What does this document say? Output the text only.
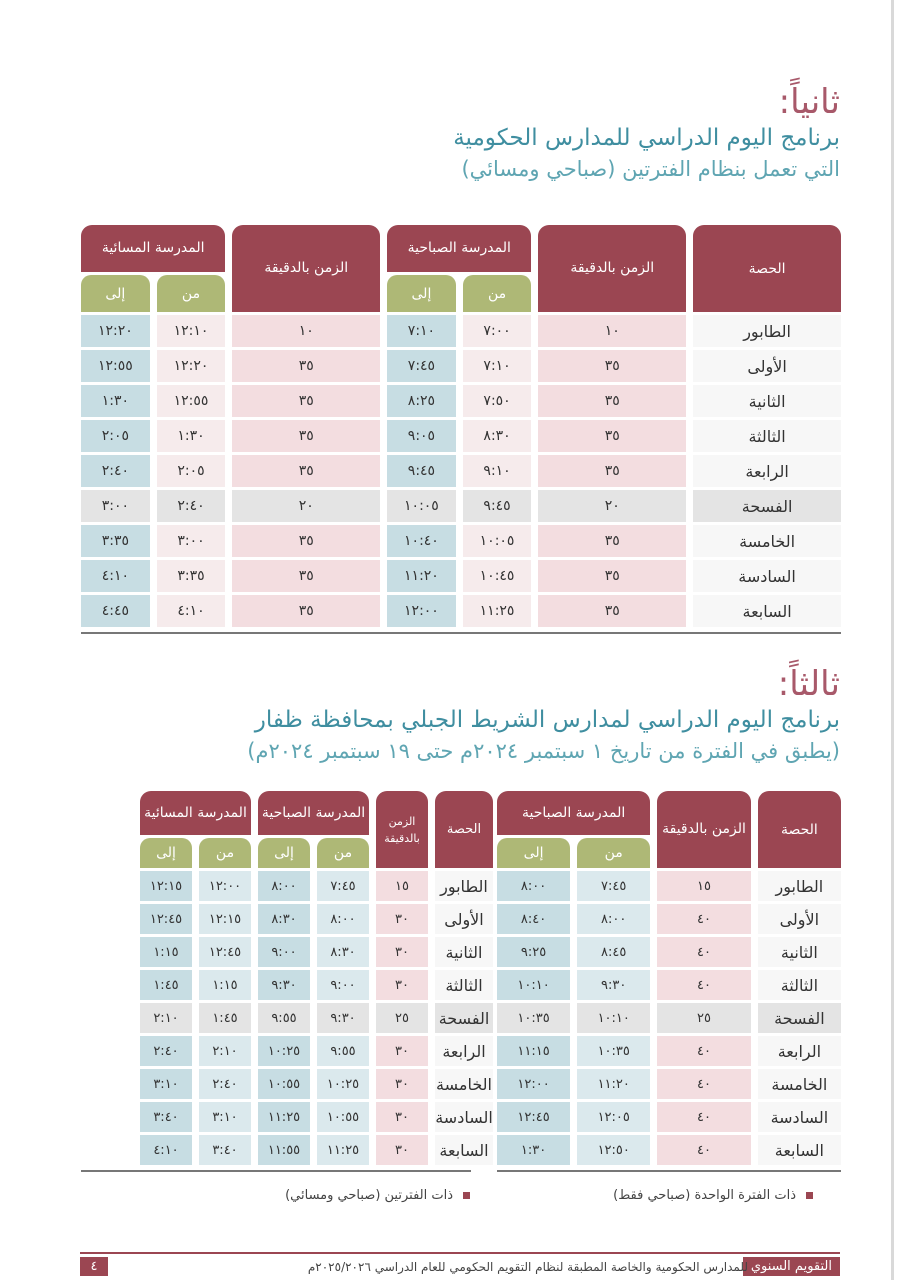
ثانياً:
برنامج اليوم الدراسي للمدارس الحكومية
التي تعمل بنظام الفترتين (صباحي ومسائي)
الحصة	الزمن بالدقيقة	المدرسة الصباحية		الزمن بالدقيقة	المدرسة المسائية	
		من	إلى		من	إلى
الطابور	١٠	٧:٠٠	٧:١٠	١٠	١٢:١٠	١٢:٢٠
الأولى	٣٥	٧:١٠	٧:٤٥	٣٥	١٢:٢٠	١٢:٥٥
الثانية	٣٥	٧:٥٠	٨:٢٥	٣٥	١٢:٥٥	١:٣٠
الثالثة	٣٥	٨:٣٠	٩:٠٥	٣٥	١:٣٠	٢:٠٥
الرابعة	٣٥	٩:١٠	٩:٤٥	٣٥	٢:٠٥	٢:٤٠
الفسحة	٢٠	٩:٤٥	١٠:٠٥	٢٠	٢:٤٠	٣:٠٠
الخامسة	٣٥	١٠:٠٥	١٠:٤٠	٣٥	٣:٠٠	٣:٣٥
السادسة	٣٥	١٠:٤٥	١١:٢٠	٣٥	٣:٣٥	٤:١٠
السابعة	٣٥	١١:٢٥	١٢:٠٠	٣٥	٤:١٠	٤:٤٥
ثالثاً:
برنامج اليوم الدراسي لمدارس الشريط الجبلي بمحافظة ظفار
(يطبق في الفترة من تاريخ ١ سبتمبر ٢٠٢٤م حتى ١٩ سبتمبر ٢٠٢٤م)
الحصة	الزمن بالدقيقة	المدرسة الصباحية	
		من	إلى
الطابور	١٥	٧:٤٥	٨:٠٠
الأولى	٤٠	٨:٠٠	٨:٤٠
الثانية	٤٠	٨:٤٥	٩:٢٥
الثالثة	٤٠	٩:٣٠	١٠:١٠
الفسحة	٢٥	١٠:١٠	١٠:٣٥
الرابعة	٤٠	١٠:٣٥	١١:١٥
الخامسة	٤٠	١١:٢٠	١٢:٠٠
السادسة	٤٠	١٢:٠٥	١٢:٤٥
السابعة	٤٠	١٢:٥٠	١:٣٠
الحصة	الزمن بالدقيقة	المدرسة الصباحية		المدرسة المسائية	
		من	إلى	من	إلى
الطابور	١٥	٧:٤٥	٨:٠٠	١٢:٠٠	١٢:١٥
الأولى	٣٠	٨:٠٠	٨:٣٠	١٢:١٥	١٢:٤٥
الثانية	٣٠	٨:٣٠	٩:٠٠	١٢:٤٥	١:١٥
الثالثة	٣٠	٩:٠٠	٩:٣٠	١:١٥	١:٤٥
الفسحة	٢٥	٩:٣٠	٩:٥٥	١:٤٥	٢:١٠
الرابعة	٣٠	٩:٥٥	١٠:٢٥	٢:١٠	٢:٤٠
الخامسة	٣٠	١٠:٢٥	١٠:٥٥	٢:٤٠	٣:١٠
السادسة	٣٠	١٠:٥٥	١١:٢٥	٣:١٠	٣:٤٠
السابعة	٣٠	١١:٢٥	١١:٥٥	٣:٤٠	٤:١٠
ذات الفترة الواحدة (صباحي فقط)
ذات الفترتين (صباحي ومسائي)
التقويم السنوي
للمدارس الحكومية والخاصة المطبقة لنظام التقويم الحكومي للعام الدراسي ٢٠٢٥/٢٠٢٦م
٤
